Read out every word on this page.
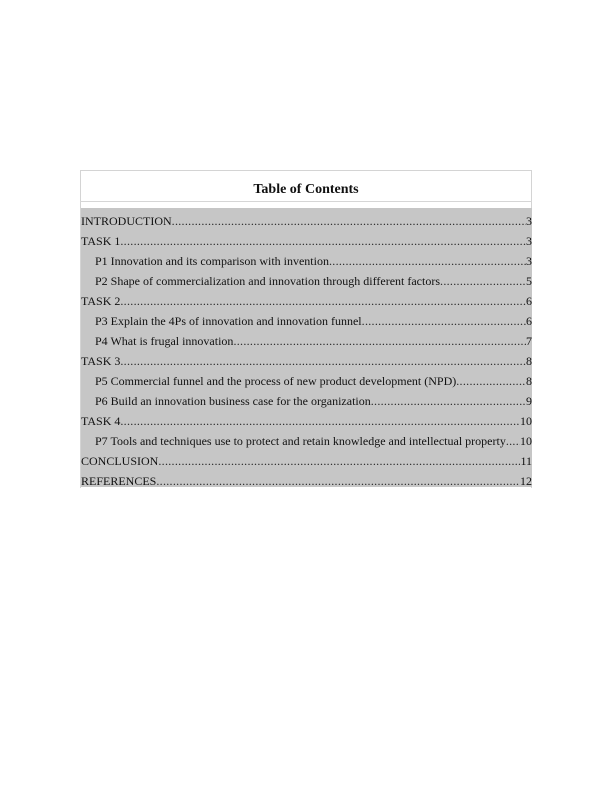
Table of Contents
INTRODUCTION .....	3
TASK 1 .....	3
P1 Innovation and its comparison with invention .....	3
P2 Shape of commercialization and innovation through different factors .....	5
TASK 2 .....	6
P3 Explain the 4Ps of innovation and innovation funnel .....	6
P4 What is frugal innovation .....	7
TASK 3 .....	8
P5 Commercial funnel and the process of new product development (NPD) .....	8
P6 Build an innovation business case for the organization .....	9
TASK 4 .....	10
P7 Tools and techniques use to protect and retain knowledge and intellectual property ..... 10
CONCLUSION .....	11
REFERENCES .....	12
